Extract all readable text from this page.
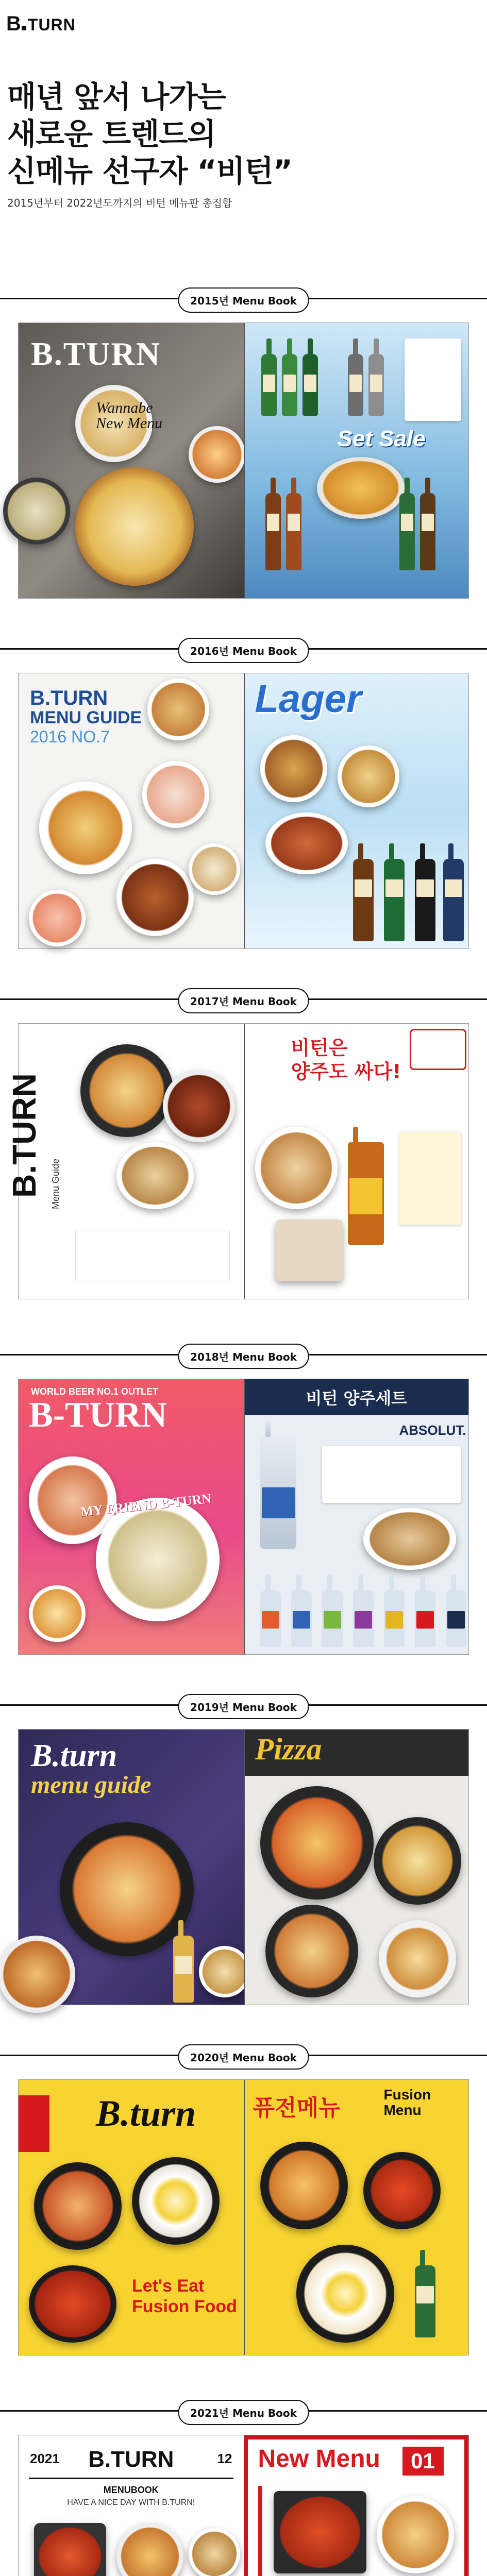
B TURN
매년 앞서 나가는
새로운 트렌드의
신메뉴 선구자 “비턴”
2015년부터 2022년도까지의 비턴 메뉴판 총집합
2015년 Menu Book
B.TURN
Wannabe
New Menu
Set Sale
2016년 Menu Book
B.TURN
MENU GUIDE
2016 NO.7
Lager
2017년 Menu Book
B.TURN Menu Guide
비턴은
양주도 싸다!
2018년 Menu Book
WORLD BEER NO.1 OUTLET
B-TURN
MY FRIEND B-TURN
비턴 양주세트
ABSOLUT.
2019년 Menu Book
B.turn
menu guide
Pizza
2020년 Menu Book
B.turn
Let's Eat
Fusion Food
퓨전메뉴
Fusion
Menu
2021년 Menu Book
2021	B.TURN	12
MENUBOOK
HAVE A NICE DAY WITH B.TURN!
New Menu	01
